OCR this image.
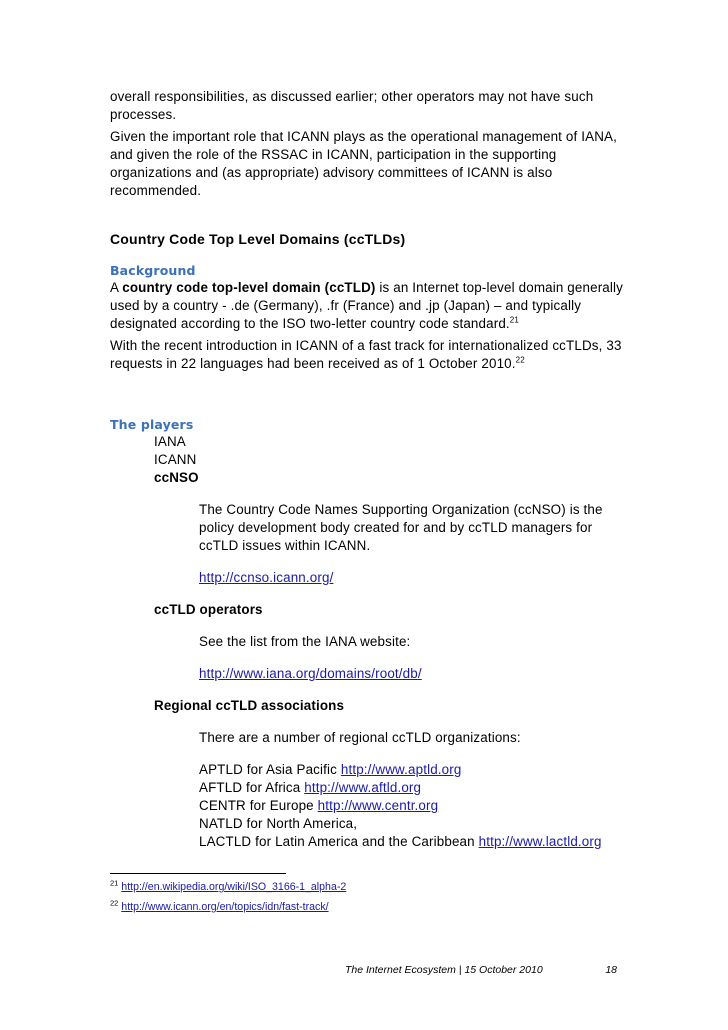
overall responsibilities, as discussed earlier; other operators may not have such processes.

Given the important role that ICANN plays as the operational management of IANA, and given the role of the RSSAC in ICANN, participation in the supporting organizations and (as appropriate) advisory committees of ICANN is also recommended.

Country Code Top Level Domains (ccTLDs)
Background

A country code top-level domain (ccTLD) is an Internet top-level domain generally used by a country - .de (Germany), .fr (France) and .jp (Japan) – and typically designated according to the ISO two-letter country code standard.$^{21}$

With the recent introduction in ICANN of a fast track for internationalized ccTLDs, 33 requests in 22 languages had been received as of 1 October 2010.22

The players
IANA
ICANN
ccNSO
The Country Code Names Supporting Organization (ccNSO) is the policy development body created for and by ccTLD managers for ccTLD issues within ICANN.
http://ccnso.icann.org/
ccTLD operators
See the list from the IANA website:
http://www.iana.org/domains/root/db/
Regional ccTLD associations
There are a number of regional ccTLD organizations:
APTLD for Asia Pacific http://www.aptld.org
AFTLD for Africa http://www.aftld.org
CENTR for Europe http://www.centr.org
NATLD for North America,
LACTLD for Latin America and the Caribbean http://www.lactld.org
$^{21}$ http://en.wikipedia.org/wiki/ISO_3166-1_alpha-2
$^{22}$ http://www.icann.org/en/topics/idn/fast-track/
The Internet Ecosystem | 15 October 2010	18
